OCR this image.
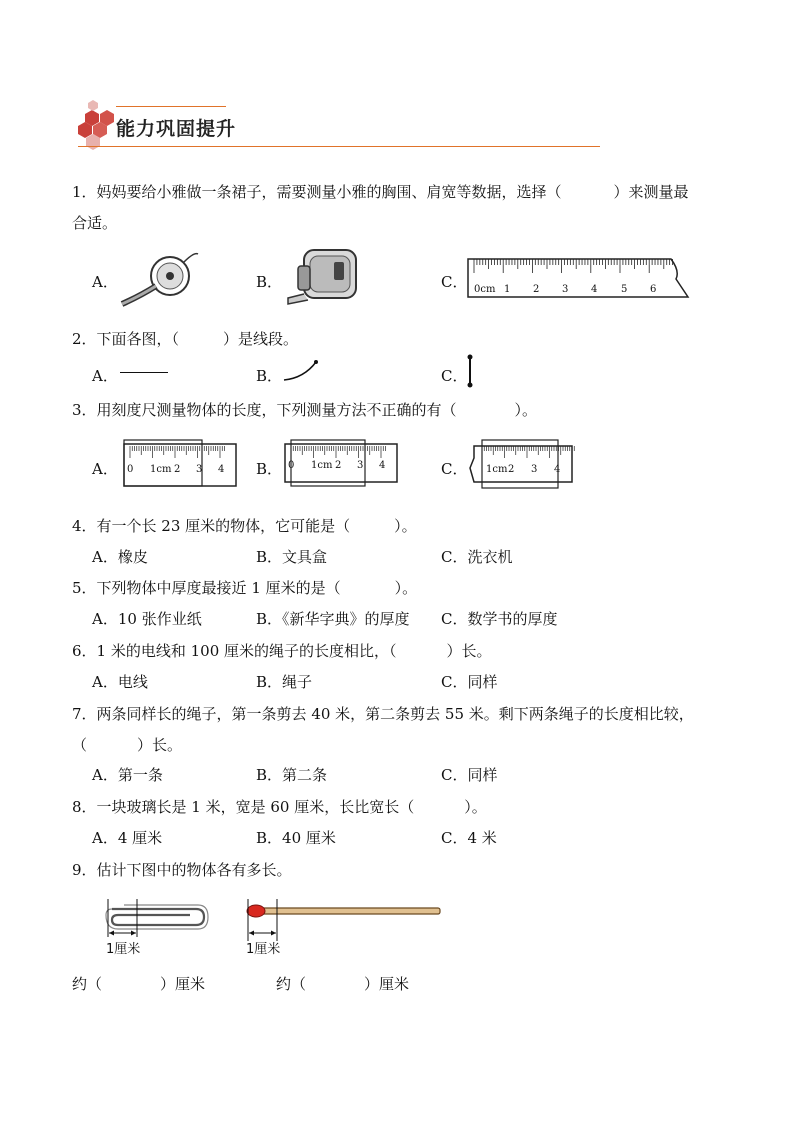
能力巩固提升
1．妈妈要给小雅做一条裙子，需要测量小雅的胸围、肩宽等数据，选择（	）来测量最
合适。
A．	B．	C． 0cm 1 2 3 4 5 6
2．下面各图，（	）是线段。
A．	B．	C．
3．用刻度尺测量物体的长度，下列测量方法不正确的有（	）。
A． 0 1cm 2 3 4 B． 0 1cm 2 3 4	C． 1cm 2 3 4
4．有一个长 23 厘米的物体，它可能是（	）。
A．橡皮	B．文具盒	C．洗衣机
5．下列物体中厚度最接近 1 厘米的是（	）。
A．10 张作业纸	B．《新华字典》的厚度 C．数学书的厚度
6．1 米的电线和 100 厘米的绳子的长度相比，（	）长。
A．电线	B．绳子	C．同样
7．两条同样长的绳子，第一条剪去 40 米，第二条剪去 55 米。剩下两条绳子的长度相比较，
（	）长。
A．第一条	B．第二条	C．同样
8．一块玻璃长是 1 米，宽是 60 厘米，长比宽长（	）。
A．4 厘米	B．40 厘米	C．4 米
9．估计下图中的物体各有多长。
1厘米	1厘米
约（	）厘米	约（	）厘米
